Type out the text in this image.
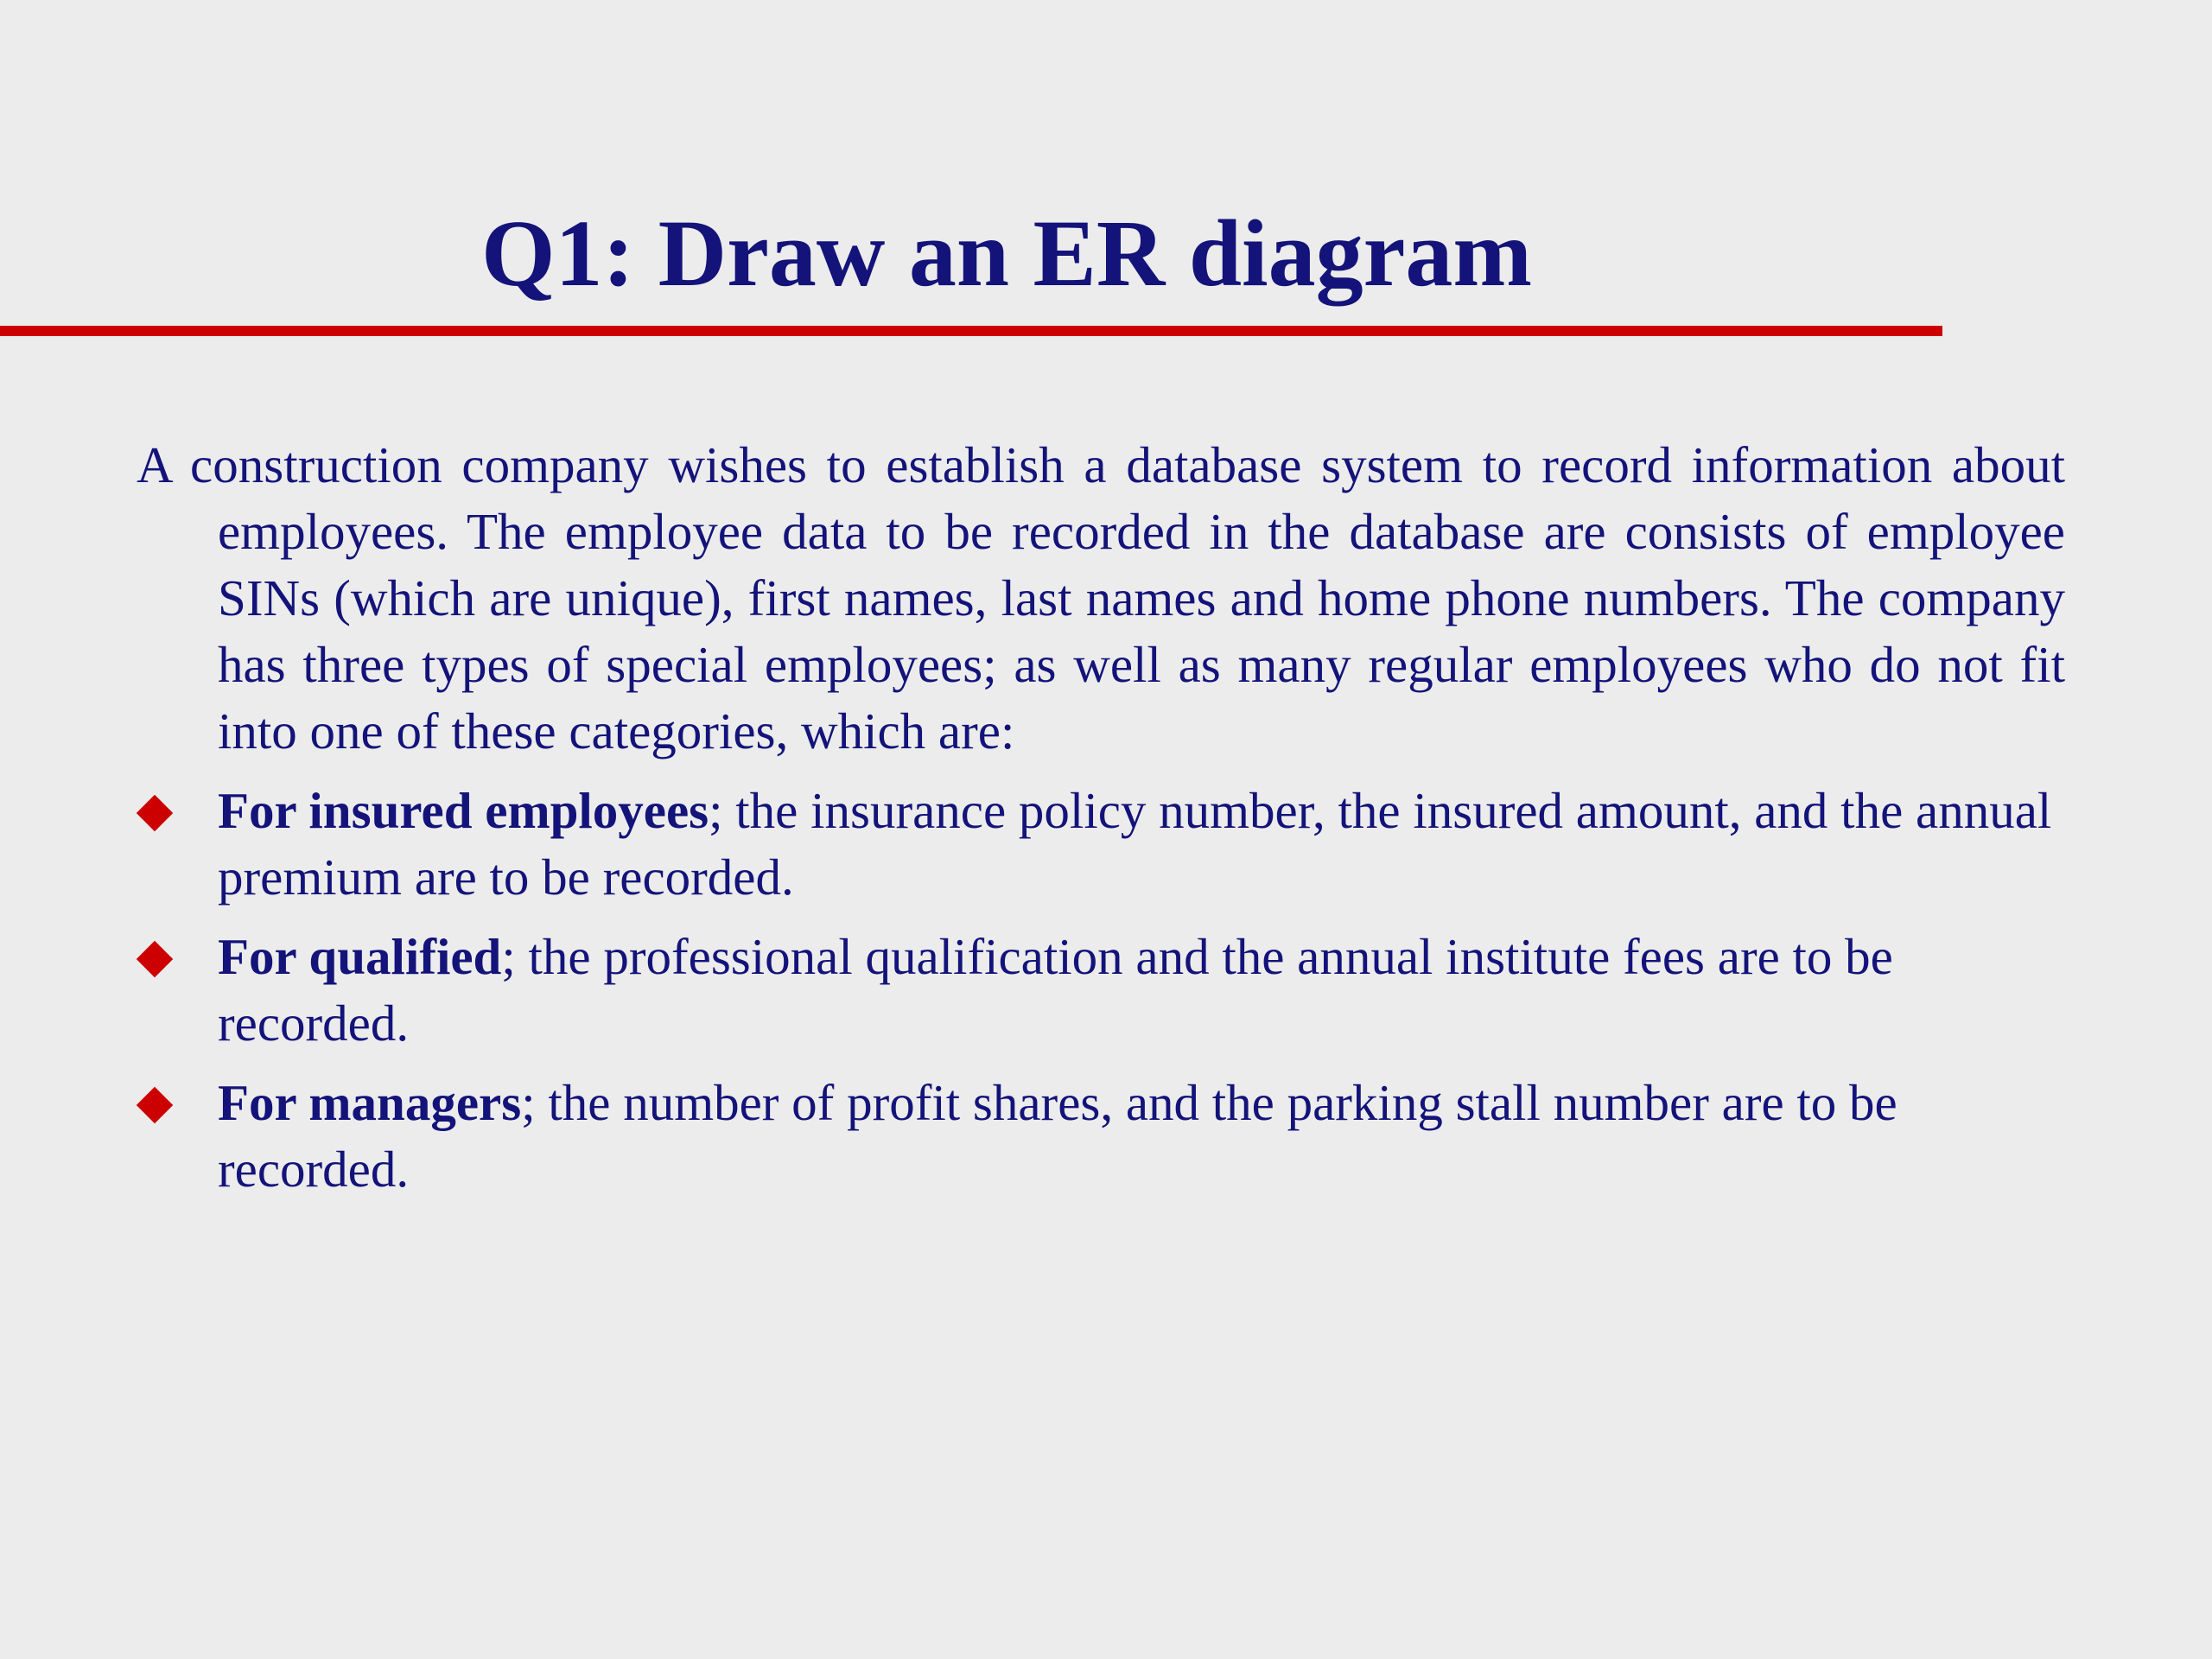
Q1: Draw an ER diagram

A construction company wishes to establish a database system to record information about employees. The employee data to be recorded in the database are consists of employee SINs (which are unique), first names, last names and home phone numbers. The company has three types of special employees; as well as many regular employees who do not fit into one of these categories, which are:

For insured employees; the insurance policy number, the insured amount, and the annual premium are to be recorded.

For qualified; the professional qualification and the annual institute fees are to be recorded.

For managers; the number of profit shares, and the parking stall number are to be recorded.
